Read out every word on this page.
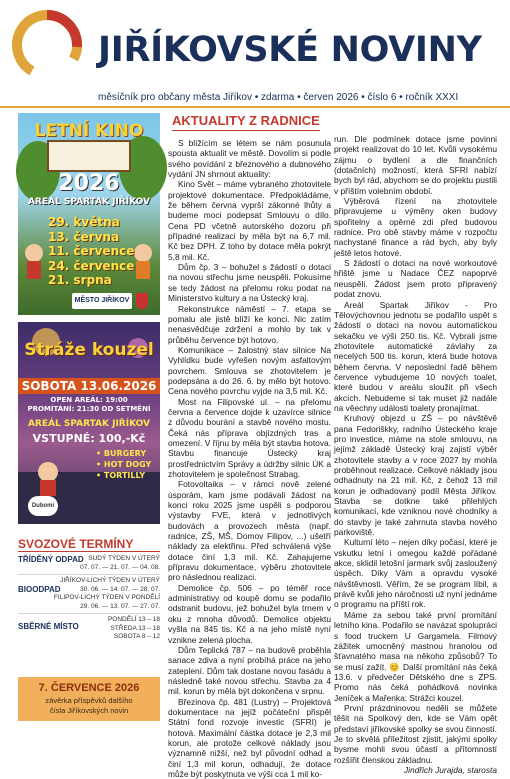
JIŘÍKOVSKÉ NOVINY
měsíčník pro občany města Jiříkov • zdarma • červen 2026 • číslo 6 • ročník XXXI
LETNÍ KINO
2026
AREÁL SPARTAK JIŘÍKOV
29. května
13. června
11. července
24. července
21. srpna
MĚSTO JIŘÍKOV
Stráže kouzel
SOBOTA 13.06.2026
OPEN AREÁL: 19:00
PROMÍTÁNÍ: 21:30 OD SETMĚNÍ
AREÁL SPARTAK JIŘÍKOV
VSTUPNÉ: 100,-Kč
• BURGERY
• HOT DOGY
• TORTILLY
Dubomi
SVOZOVÉ TERMÍNY
TŘÍDĚNÝ ODPAD SUDÝ TÝDEN V ÚTERÝ
07. 07. --- 21. 07. --- 04. 08.
BIOODPAD
JIŘÍKOV-LICHÝ TÝDEN V ÚTERÝ
30. 06. --- 14. 07. --- 28. 07.
FILIPOV-LICHÝ TÝDEN V PONDĚLÍ
29. 06. --- 13. 07. --- 27. 07.
SBĚRNÉ MÍSTO
PONDĚLÍ 13 – 18
STŘEDA 13 – 18
SOBOTA 8 – 12
7. ČERVENCE 2026
závěrka příspěvků dalšího
čísla Jiříkovských novin
AKTUALITY Z RADNICE

S blížícím se létem se nám posunula spousta aktualit ve městě. Dovolím si podle svého povídání z březnového a dubnového vydání JN shrnout aktuality:

Kino Svět – máme vybraného zhotovitele projektové dokumentace. Předpokládáme, že během června vyprší zákonné lhůty a budeme moci podepsat Smlouvu o dílo. Cena PD včetně autorského dozoru při případné realizaci by měla být na 6,7 mil. Kč bez DPH. Z toho by dotace měla pokrýt 5,8 mil. Kč.

Dům čp. 3 – bohužel s žádostí o dotaci na novou střechu jsme neuspěli. Pokusíme se tedy žádost na přelomu roku podat na Ministerstvo kultury a na Ústecký kraj.

Rekonstrukce náměstí – 7. etapa se pomalu ale jistě blíží ke konci. Nic zatím nenasvědčuje zdržení a mohlo by tak v průběhu července být hotovo.

Komunikace – žalostný stav silnice Na Vyhlídku bude vyřešen novým asfaltovým povrchem. Smlouva se zhotovitelem je podepsána a do 26. 6. by mělo být hotovo. Cena nového povrchu vyjde na 3,5 mil. Kč.

Most na Filipovské ul. – na přelomu června a července dojde k uzavírce silnice z důvodu bourání a stavbě nového mostu. Čeká nás příprava objízdných tras a omezení. V říjnu by měla být stavba hotova. Stavbu financuje Ústecký kraj prostřednictvím Správy a údržby silnic ÚK a zhotovitelem je společnost Strabag.

Fotovoltaika – v rámci nově zelené úsporám, kam jsme podávali žádost na konci roku 2025 jsme uspěli s podporou výstavby FVE, která v jednotlivých budovách a provozech města (např. radnice, ZŠ, MŠ, Domov Filipov, ...) ušetří náklady za elektřinu. Před schválená výše dotace činí 1,3 mil. Kč. Zahajujeme přípravu dokumentace, výběru zhotovitele pro následnou realizaci.

Demolice čp. 506 – po téměř roce administrativy od koupě domu se podařilo odstranit budovu, jež bohužel byla trnem v oku z mnoha důvodů. Demolice objektu vyšla na 845 tis. Kč a na jeho místě nyní vznikne zelená plocha.

Dům Teplická 787 – na budově proběhla sanace zdiva a nyní probíhá práce na jeho zateplení. Dům tak dostane novou fasádu a následně také novou střechu. Stavba za 4 mil. korun by měla být dokončena v srpnu.

Březinova čp. 481 (Lustry) – Projektová dokumentace na jejíž počáteční přispěl Státní fond rozvoje investic (SFRI) je hotová. Maximální částka dotace je 2,3 mil korun, ale protože celkové náklady jsou významně nižší, než byl původní odhad a činí 1,3 mil korun, odhadují, že dotace může být poskytnuta ve výši cca 1 mil ko-

run. Dle podmínek dotace jsme povinni projekt realizovat do 10 let. Kvůli vysokému zájmu o bydlení a dle finančních (dotačních) možností, která SFRI nabízí bych byl rád, abychom se do projektu pustili v příštím volebním období.

Výběrová řízení na zhotovitele připravujeme u výměny oken budovy spořitelny a opěrné zdi před budovou radnice. Pro obě stavby máme v rozpočtu nachystané finance a rád bych, aby byly ještě letos hotové.

S žádostí o dotaci na nové workoutové hřiště jsme u Nadace ČEZ napoprvé neuspěli. Žádost jsem proto připravený podat znovu.

Areál Spartak Jiříkov - Pro Tělovýchovnou jednotu se podařilo uspět s žádostí o dotaci na novou automatickou sekačku ve výši 250 tis. Kč. Vybrali jsme zhotovitele automatické závlahy za necelých 500 tis. korun, která bude hotova během června. V neposlední řadě během července vybudujeme 10 nových toalet, které budou v areálu sloužit při všech akcích. Nebudeme si tak muset již nadále na věechny události toalety pronajímat.

Kruhový objezd u ZŠ – po návštěvě pana Fedoriškky, radního Ústeckého kraje pro investice, máme na stole smlouvu, na jejímž základě Ústecký kraj zajistí výběr zhotovitele stavby a v roce 2027 by mohla proběhnout realizace. Celkové náklady jsou odhadnuty na 21 mil. Kč, z čehož 13 mil korun je odhadovaný podíl Města Jiříkov. Stavba se dotkne také přilehlých komunikací, kde vzniknou nové chodníky a do stavby je také zahrnuta stavba nového parkoviště.

Kulturní léto – nejen díky počasí, které je vskutku letní i omegou každé pořádané akce, sklidil letošní jarmark svůj zasloužený úspěch. Díky Vám a opravdu vysoké návštěvnosti. Věřím, že se program líbil, a právě kvůli jeho náročnosti už nyní jednáme o programu na příští rok.

Máme za sebou také první promítání letního kina. Podařilo se navázat spolupráci s food truckem U Gargamela. Filmový zážitek umocněný mastnou hranolou od šťavnatého masa na někoho způsobů? To se musí zažít. 😊 Další promítání nás čeká 13.6. v předvečer Dětského dne s ZPS. Promo nás čeká pohádková novinka Jeníček a Mařenka: Strážci kouzel.

První prázdninovou neděli se můžete těšit na Spolkový den, kde se Vám opět představí jiříkovské spolky se svou činností. Je to skvělá příležitost zjistit, jakými spolky bysme mohli svou účastí a přítomností rozšířit členskou základnu.

Jindřich Jurajda, starosta
